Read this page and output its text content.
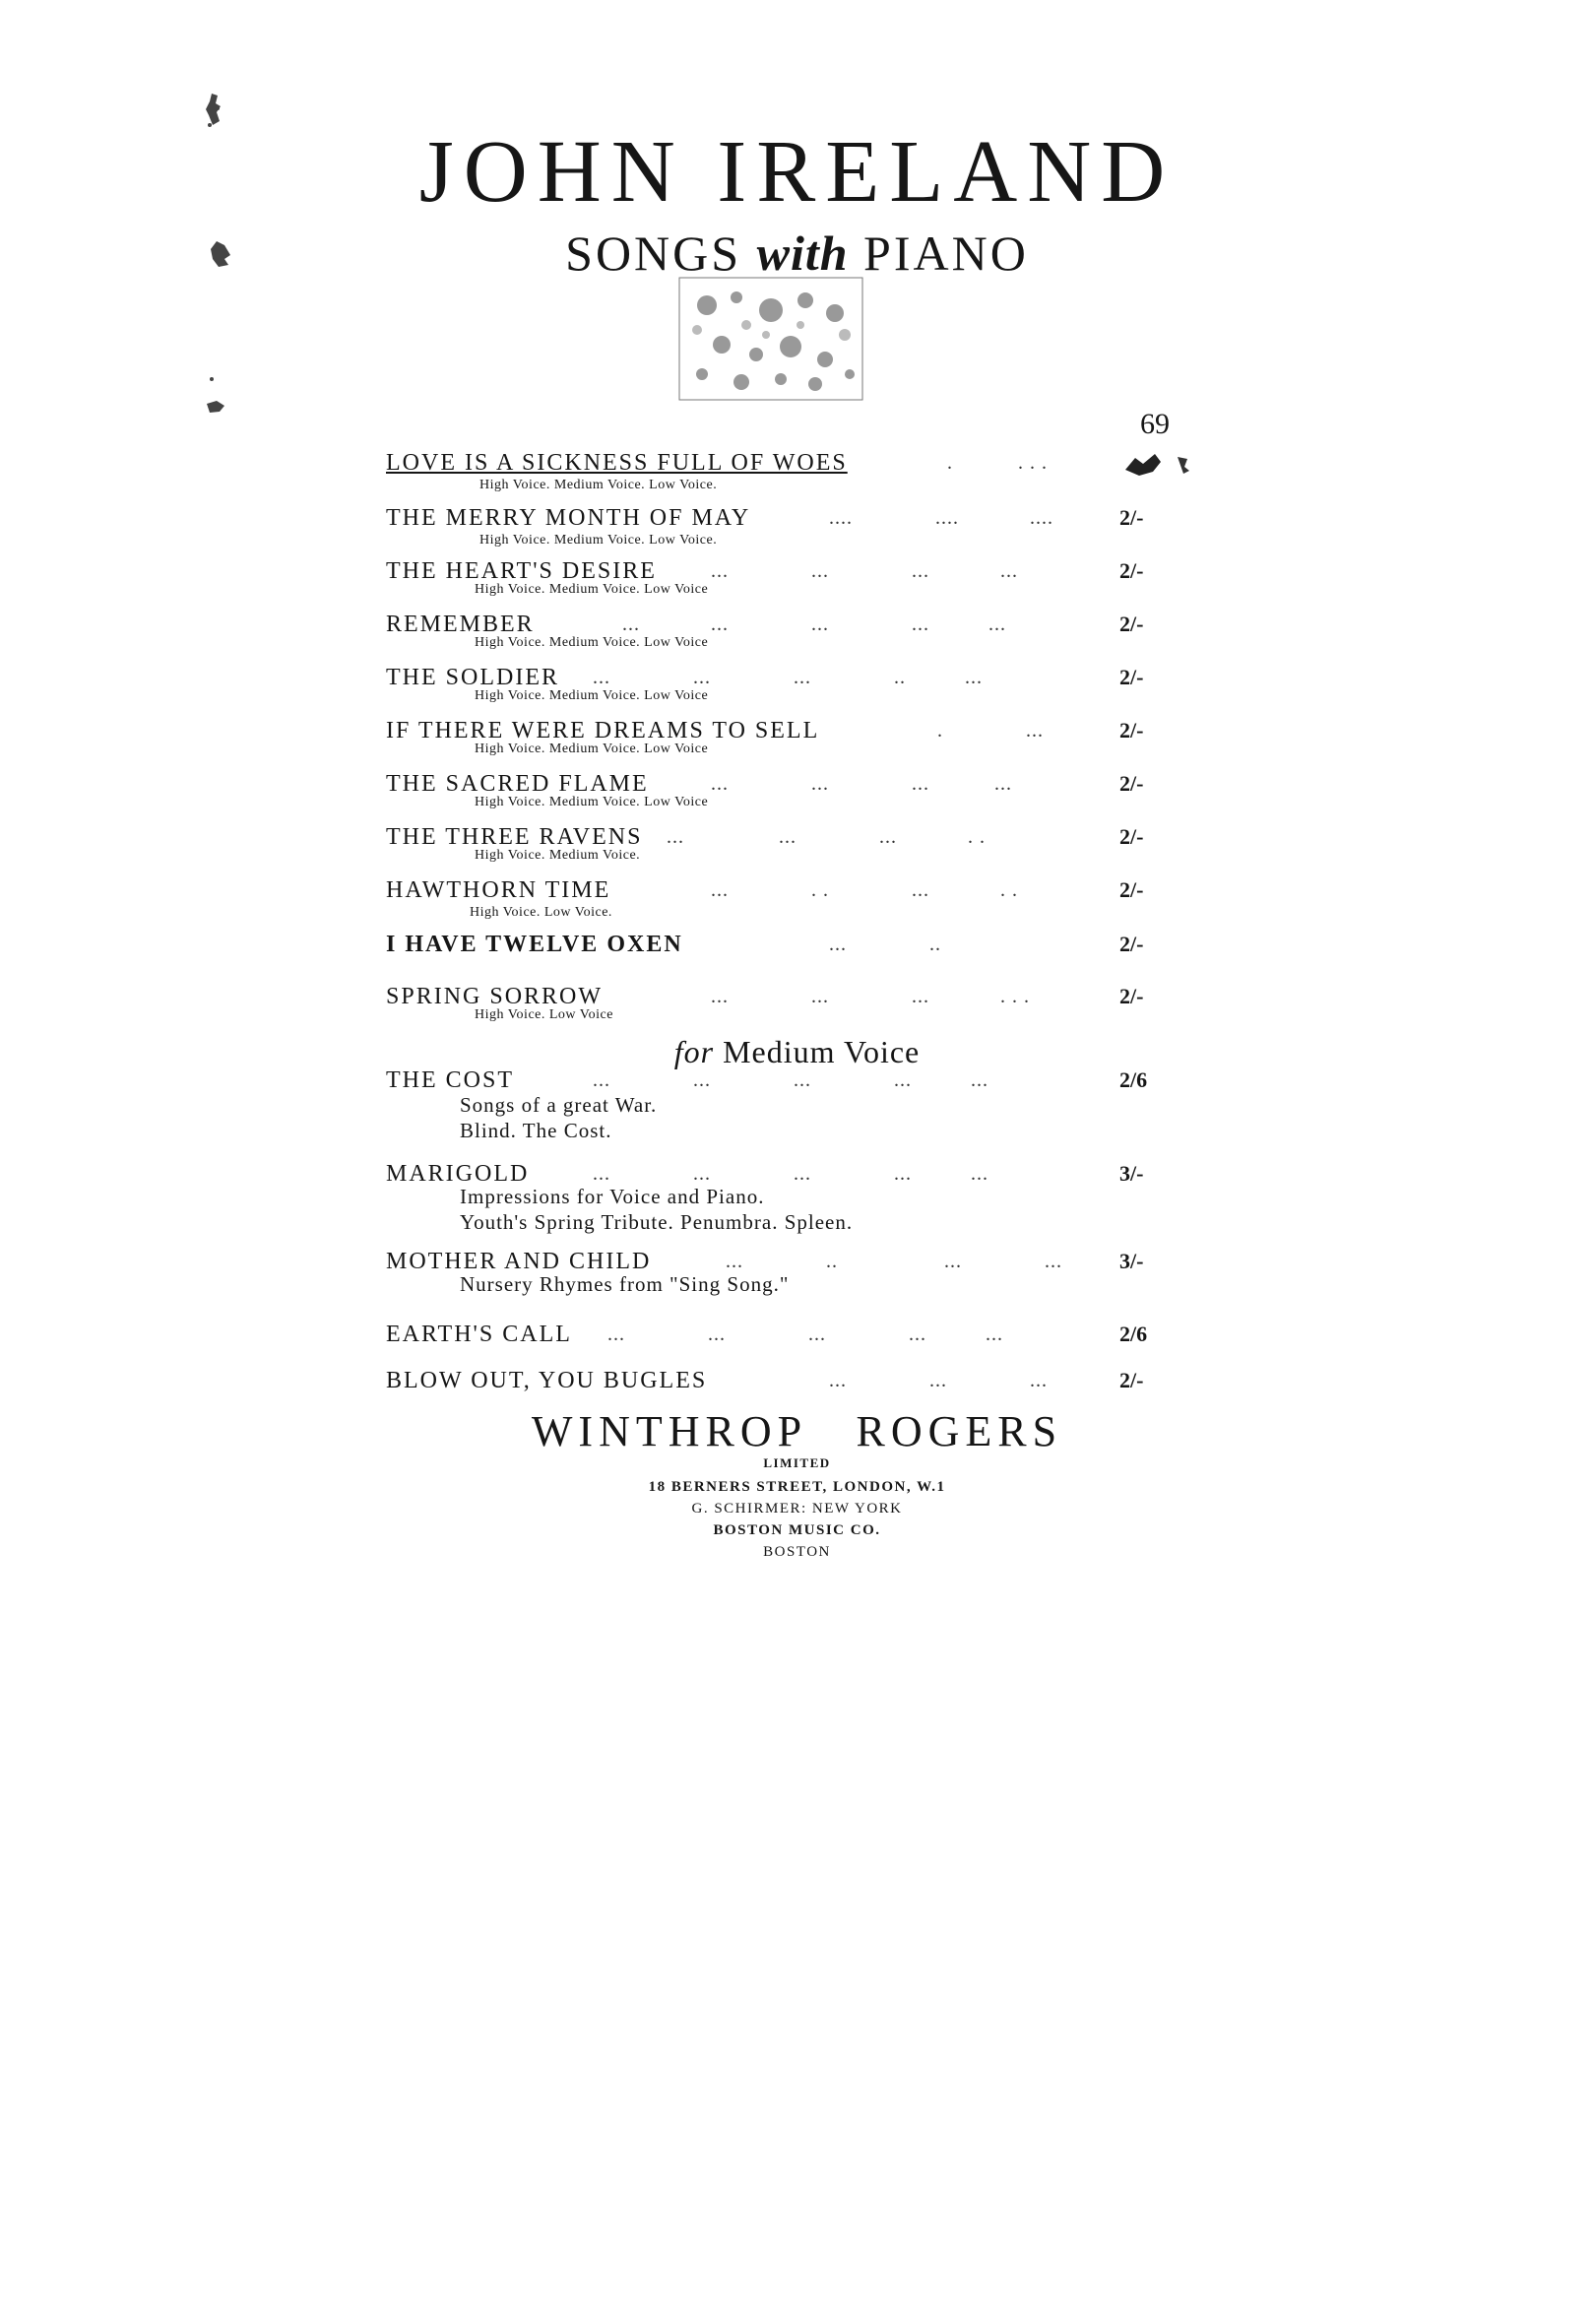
JOHN IRELAND
SONGS with PIANO
69
LOVE IS A SICKNESS FULL OF WOES	.           . . .
High Voice. Medium Voice. Low Voice.
THE MERRY MONTH OF MAY	....              ....            ....	2/-
High Voice. Medium Voice. Low Voice.
THE HEART'S DESIRE	...              ...              ...            ...	2/-
High Voice. Medium Voice. Low Voice
REMEMBER	...            ...              ...              ...          ...	2/-
High Voice. Medium Voice. Low Voice
THE SOLDIER ...              ...              ...              ..          ...	2/-
High Voice. Medium Voice. Low Voice
IF THERE WERE DREAMS TO SELL	.              ...	2/-
High Voice. Medium Voice. Low Voice
THE SACRED FLAME	...              ...              ...           ...	2/-
High Voice. Medium Voice. Low Voice
THE THREE RAVENS ...                ...              ...            . .	2/-
High Voice. Medium Voice.
HAWTHORN TIME	...              . .              ...            . .	2/-
High Voice. Low Voice.
I HAVE TWELVE OXEN	...              ..	2/-
SPRING SORROW	...              ...              ...            . . .	2/-
High Voice. Low Voice
for Medium Voice
THE COST	...              ...              ...              ...          ...	2/6
Songs of a great War.
Blind. The Cost.
MARIGOLD	...              ...              ...              ...          ...	3/-
Impressions for Voice and Piano.
Youth's Spring Tribute. Penumbra. Spleen.
MOTHER AND CHILD	...              ..                  ...              ...	3/-
Nursery Rhymes from "Sing Song."
EARTH'S CALL ...              ...              ...              ...          ...	2/6
BLOW OUT, YOU BUGLES	...              ...              ...	2/-
WINTHROP   ROGERS
LIMITED
18 BERNERS STREET, LONDON, W.1
G. SCHIRMER: NEW YORK
BOSTON MUSIC CO.
BOSTON
